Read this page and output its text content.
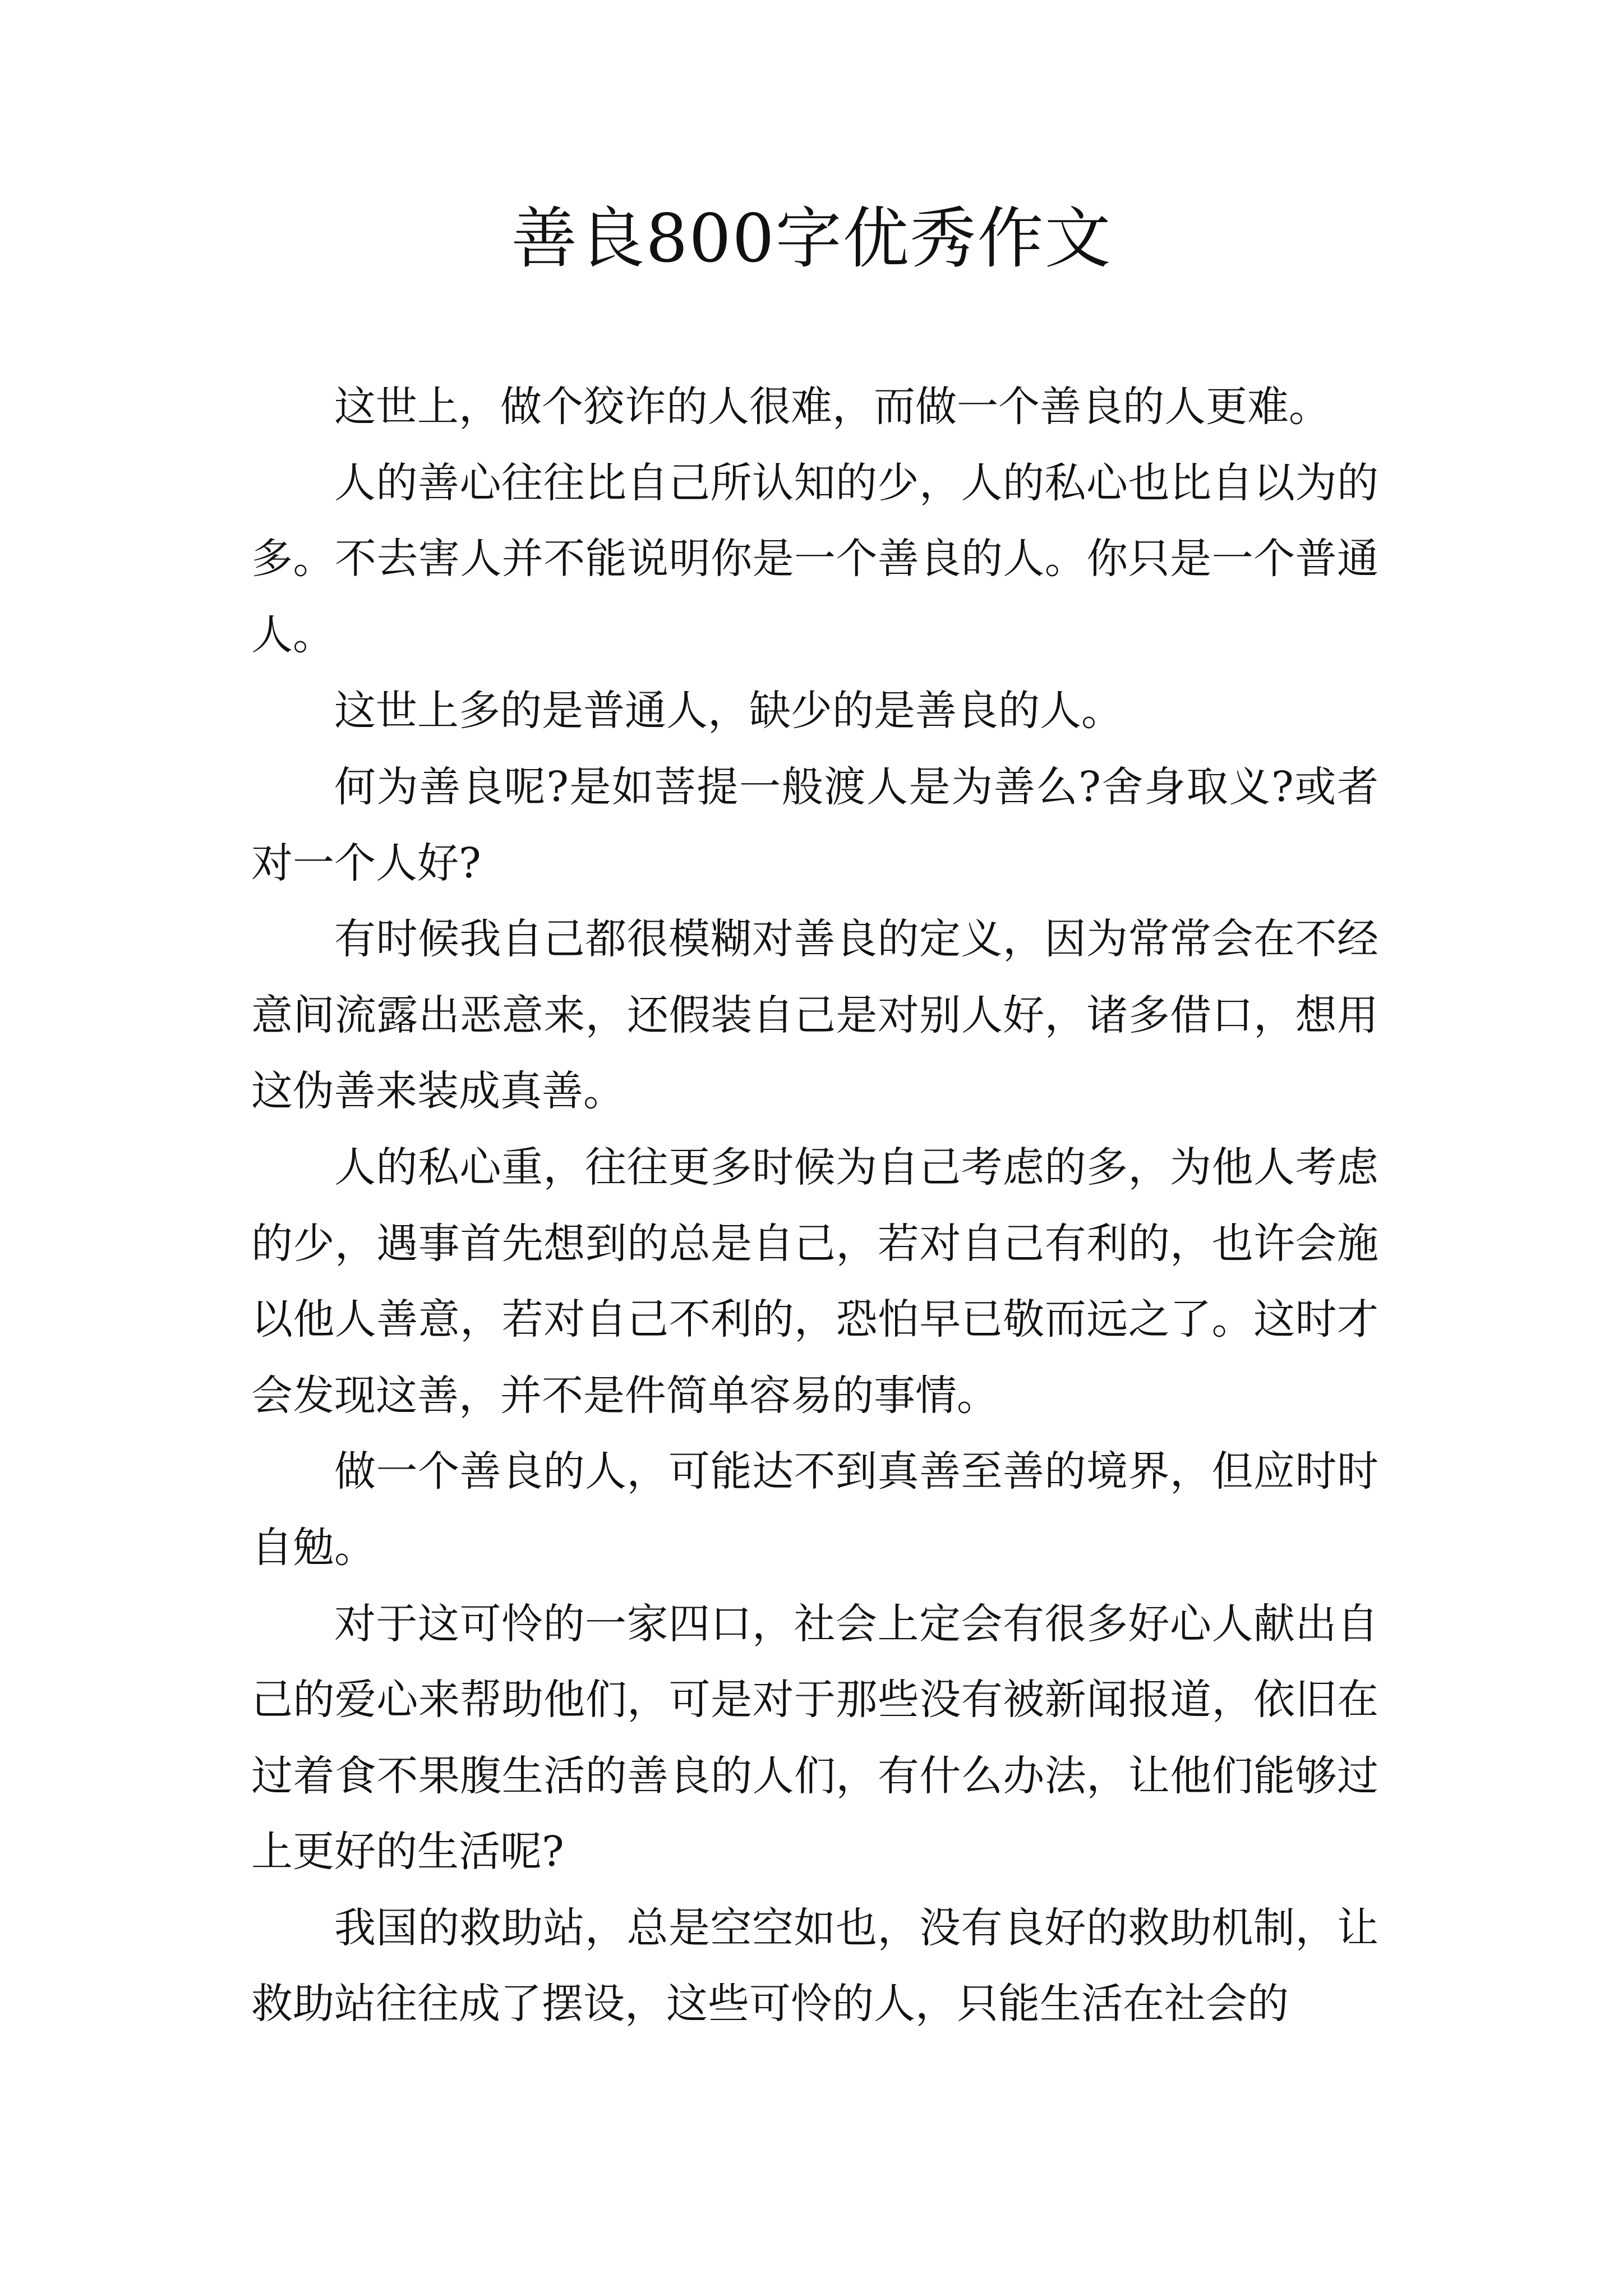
善良800字优秀作文

这世上，做个狡诈的人很难，而做一个善良的人更难。

人的善心往往比自己所认知的少，人的私心也比自以为的多。不去害人并不能说明你是一个善良的人。你只是一个普通人。

这世上多的是普通人，缺少的是善良的人。

何为善良呢?是如菩提一般渡人是为善么?舍身取义?或者对一个人好?

有时候我自己都很模糊对善良的定义，因为常常会在不经意间流露出恶意来，还假装自己是对别人好，诸多借口，想用这伪善来装成真善。

人的私心重，往往更多时候为自己考虑的多，为他人考虑的少，遇事首先想到的总是自己，若对自己有利的，也许会施以他人善意，若对自己不利的，恐怕早已敬而远之了。这时才会发现这善，并不是件简单容易的事情。

做一个善良的人，可能达不到真善至善的境界，但应时时自勉。

对于这可怜的一家四口，社会上定会有很多好心人献出自己的爱心来帮助他们，可是对于那些没有被新闻报道，依旧在过着食不果腹生活的善良的人们，有什么办法，让他们能够过上更好的生活呢?

我国的救助站，总是空空如也，没有良好的救助机制，让救助站往往成了摆设，这些可怜的人，只能生活在社会的
